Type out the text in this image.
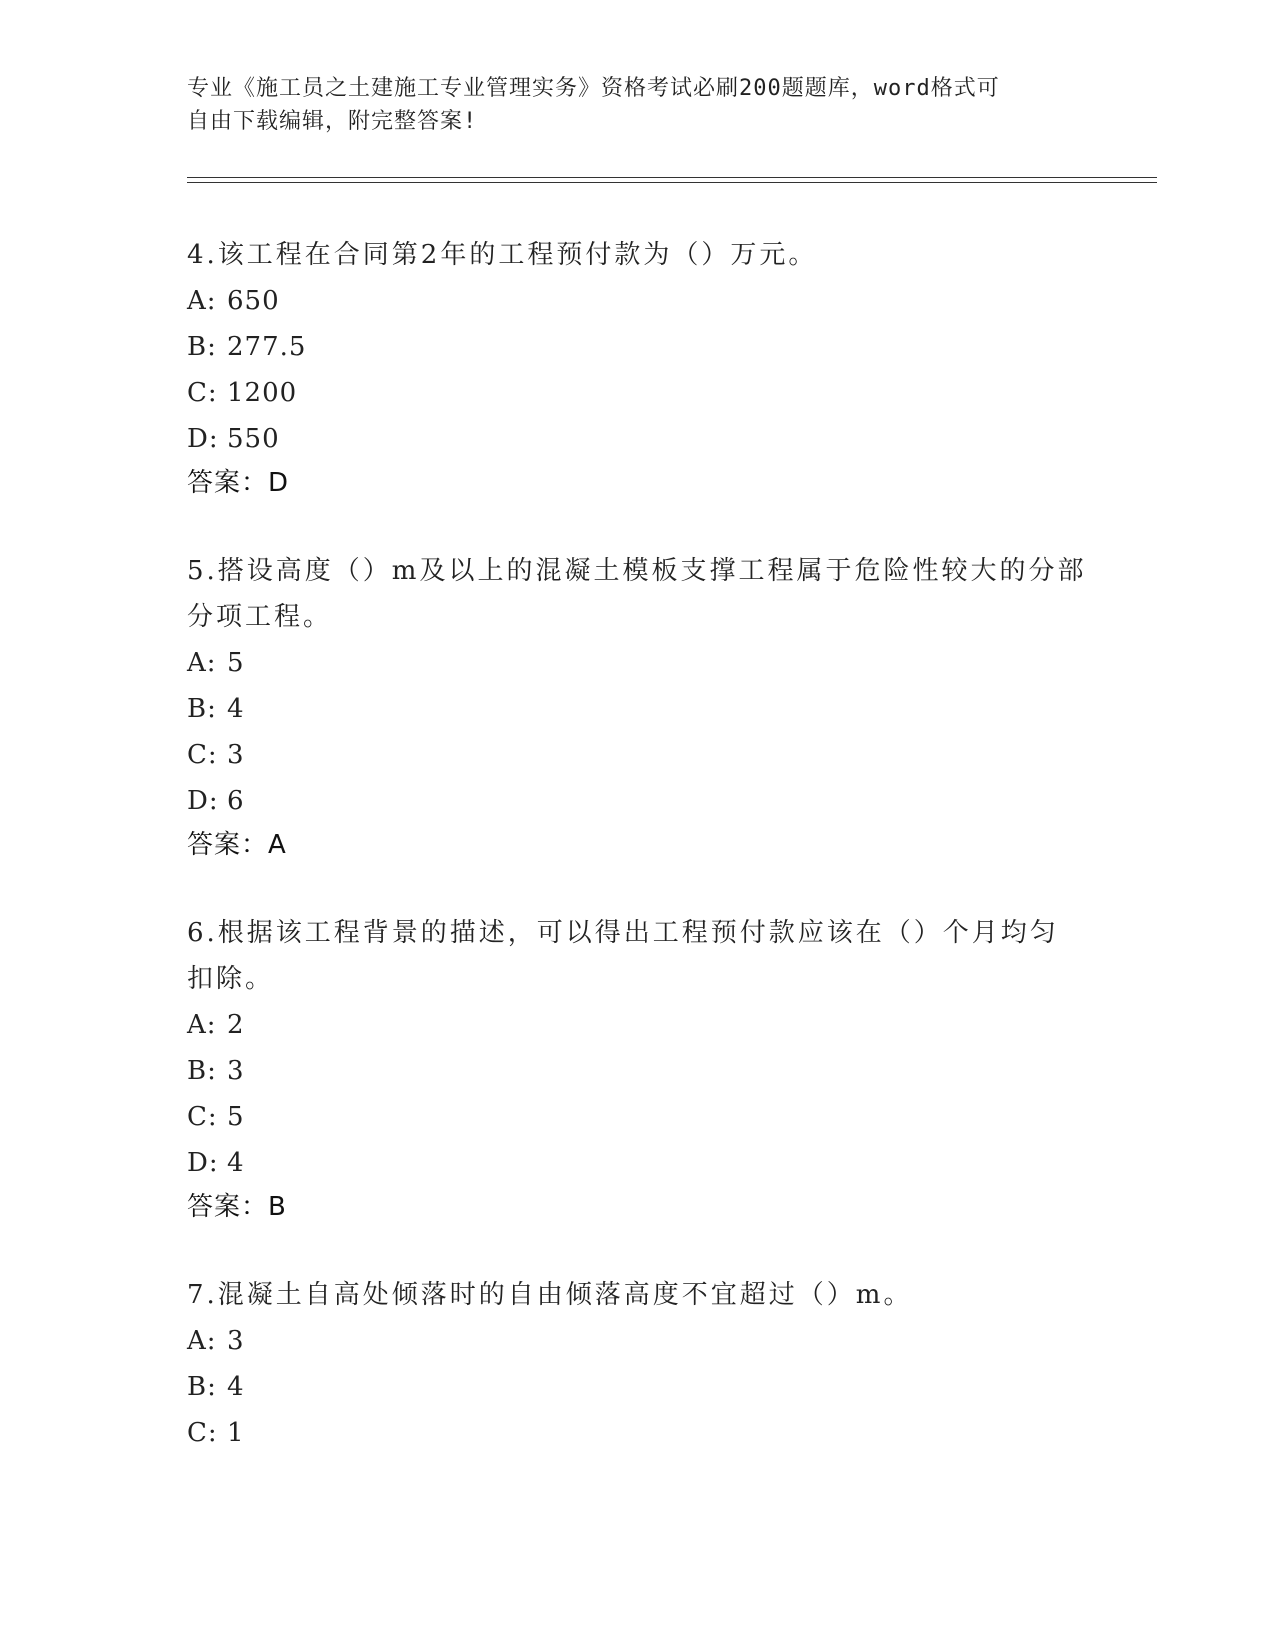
专业《施工员之土建施工专业管理实务》资格考试必刷200题题库，word格式可
自由下载编辑，附完整答案!

4.该工程在合同第2年的工程预付款为（）万元。

A: 650

B: 277.5

C: 1200

D: 550

答案：D

5.搭设高度（）m及以上的混凝土模板支撑工程属于危险性较大的分部分项工程。

A: 5

B: 4

C: 3

D: 6

答案：A

6.根据该工程背景的描述，可以得出工程预付款应该在（）个月均匀扣除。

A: 2

B: 3

C: 5

D: 4

答案：B

7.混凝土自高处倾落时的自由倾落高度不宜超过（）m。

A: 3

B: 4

C: 1
